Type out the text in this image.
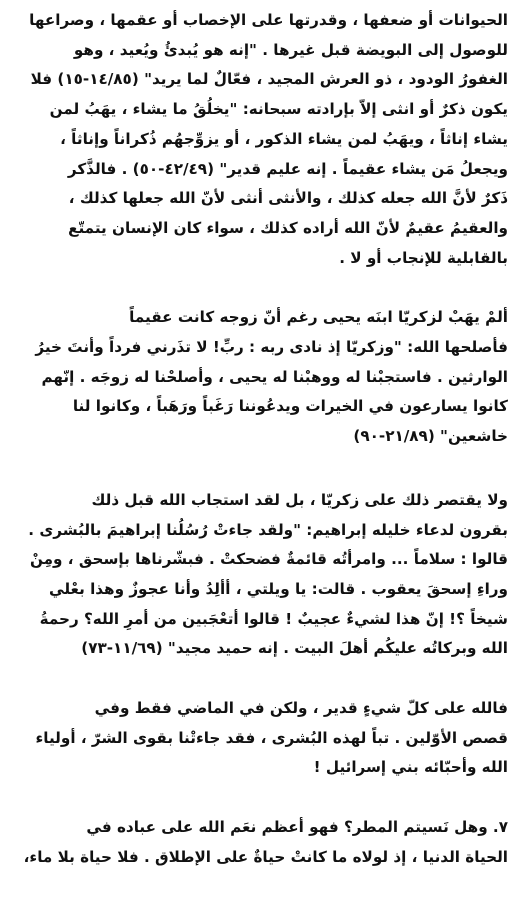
الحيوانات أو ضعفها ، وقدرتها على الإخصاب أو عقمها ، وصراعها
للوصول إلى البويضة قبل غيرها . "إنه هو يُبدئُ ويُعيد ، وهو
الغفورُ الودود ، ذو العرش المجيد ، فعّالٌ لما يريد" (١٤/٨٥-١٥) فلا
يكون ذكرٌ أو انثى إلاّ بإرادته سبحانه: "يخلُقُ ما يشاء ، يهَبُ لمن
يشاء إناثاً ، ويهَبُ لمن يشاء الذكور ، أو يزوِّجهُم ذُكراناً وإناثاً ،
ويجعلُ مَن يشاء عقيماً . إنه عليم قدير" (٤٢/٤٩-٥٠) . فالذَّكر
ذَكرٌ لأنَّ الله جعله كذلك ، والأنثى أنثى لأنّ الله جعلها كذلك ،
والعقيمُ عقيمٌ لأنّ الله أراده كذلك ، سواء كان الإنسان يتمتّع
بالقابلية للإنجاب أو لا .
ألمْ يهَبْ لزكريّا ابنَه يحيى رغم أنّ زوجه كانت عقيماً
فأصلحها الله: "وزكريّا إذ نادى ربه : ربِّ! لا تذَرني فرداً وأنتَ خيرُ
الوارثين . فاستجبْنا له ووهبْنا له يحيى ، وأصلحْنا له زوجَه . إنّهم
كانوا يسارعون في الخيرات ويدعُوننا رَغَباً ورَهَباً ، وكانوا لنا
خاشعين" (٢١/٨٩-٩٠)
ولا يقتصر ذلك على زكريّا ، بل لقد استجاب الله قبل ذلك
بقرون لدعاء خليله إبراهيم: "ولقد جاءتْ رُسُلُنا إبراهيمَ بالبُشرى .
قالوا : سلاماً ... وامرأتُه قائمةٌ فضحكتْ . فبشّرناها بإسحق ، ومِنْ
وراءِ إسحقَ يعقوب . قالت: يا ويلتي ، أألِدُ وأنا عجوزٌ وهذا بعْلي
شيخاً ؟! إنّ هذا لشيءٌ عجيبٌ ! قالوا أتعْجَبين من أمرِ الله؟ رحمةُ
الله وبركاتُه عليكُم أهلَ البيت . إنه حميد مجيد" (١١/٦٩-٧٣)
فالله على كلّ شيءٍ قدير ، ولكن في الماضي فقط وفي
قصص الأوّلين . تباً لهذه البُشرى ، فقد جاءتْنا بقوى الشرّ ، أولياء
الله وأحبّائه بني إسرائيل !
٧. وهل نَسيتم المطر؟ فهو أعظم نعَم الله على عباده في
الحياة الدنيا ، إذ لولاه ما كانتْ حياةٌ على الإطلاق . فلا حياة بلا ماء،
